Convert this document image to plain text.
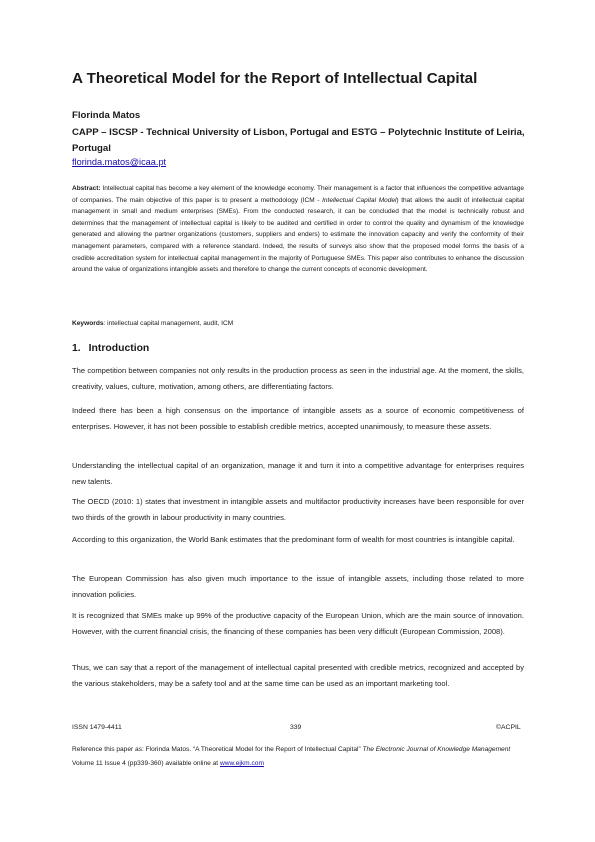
A Theoretical Model for the Report of Intellectual Capital
Florinda Matos
CAPP – ISCSP - Technical University of Lisbon, Portugal and ESTG – Polytechnic Institute of Leiria, Portugal
florinda.matos@icaa.pt

Abstract: Intellectual capital has become a key element of the knowledge economy. Their management is a factor that influences the competitive advantage of companies. The main objective of this paper is to present a methodology (ICM - Intellectual Capital Model) that allows the audit of intellectual capital management in small and medium enterprises (SMEs). From the conducted research, it can be concluded that the model is technically robust and determines that the management of intellectual capital is likely to be audited and certified in order to control the quality and dynamism of the knowledge generated and allowing the partner organizations (customers, suppliers and enders) to estimate the innovation capacity and verify the conformity of their management parameters, compared with a reference standard. Indeed, the results of surveys also show that the proposed model forms the basis of a credible accreditation system for intellectual capital management in the majority of Portuguese SMEs. This paper also contributes to enhance the discussion around the value of organizations intangible assets and therefore to change the current concepts of economic development.

Keywords: intellectual capital management, audit, ICM

1. Introduction

The competition between companies not only results in the production process as seen in the industrial age. At the moment, the skills, creativity, values, culture, motivation, among others, are differentiating factors.

Indeed there has been a high consensus on the importance of intangible assets as a source of economic competitiveness of enterprises. However, it has not been possible to establish credible metrics, accepted unanimously, to measure these assets.

Understanding the intellectual capital of an organization, manage it and turn it into a competitive advantage for enterprises requires new talents.

The OECD (2010: 1) states that investment in intangible assets and multifactor productivity increases have been responsible for over two thirds of the growth in labour productivity in many countries.

According to this organization, the World Bank estimates that the predominant form of wealth for most countries is intangible capital.

The European Commission has also given much importance to the issue of intangible assets, including those related to more innovation policies.

It is recognized that SMEs make up 99% of the productive capacity of the European Union, which are the main source of innovation. However, with the current financial crisis, the financing of these companies has been very difficult (European Commission, 2008).

Thus, we can say that a report of the management of intellectual capital presented with credible metrics, recognized and accepted by the various stakeholders, may be a safety tool and at the same time can be used as an important marketing tool.

ISSN 1479-4411	339	©ACPIL

Reference this paper as: Florinda Matos. “A Theoretical Model for the Report of Intellectual Capital” The Electronic Journal of Knowledge Management Volume 11 Issue 4 (pp339-360) available online at www.ejkm.com
